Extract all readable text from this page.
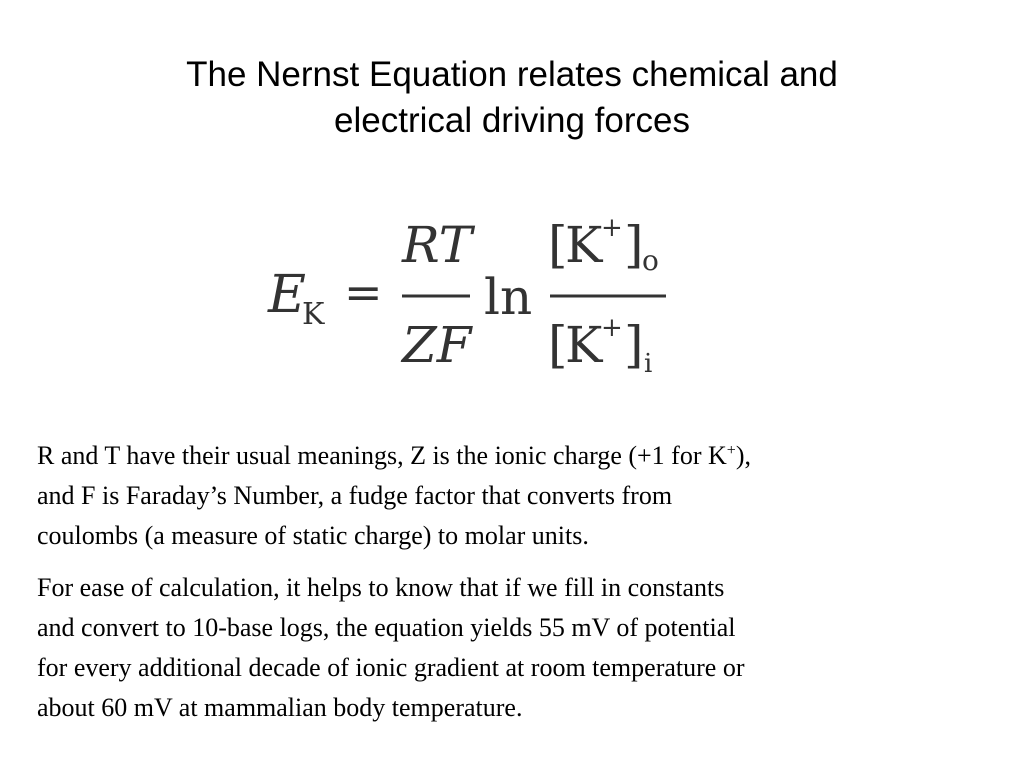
The Nernst Equation relates chemical and
electrical driving forces
E
K =
RT
ZF
ln
[
K
+ ]
o
[
K
+ ] i

R and T have their usual meanings, Z is the ionic charge (+1 for K+),
and F is Faraday’s Number, a fudge factor that converts from
coulombs (a measure of static charge) to molar units.

For ease of calculation, it helps to know that if we fill in constants
and convert to 10-base logs, the equation yields 55 mV of potential
for every additional decade of ionic gradient at room temperature or
about 60 mV at mammalian body temperature.
